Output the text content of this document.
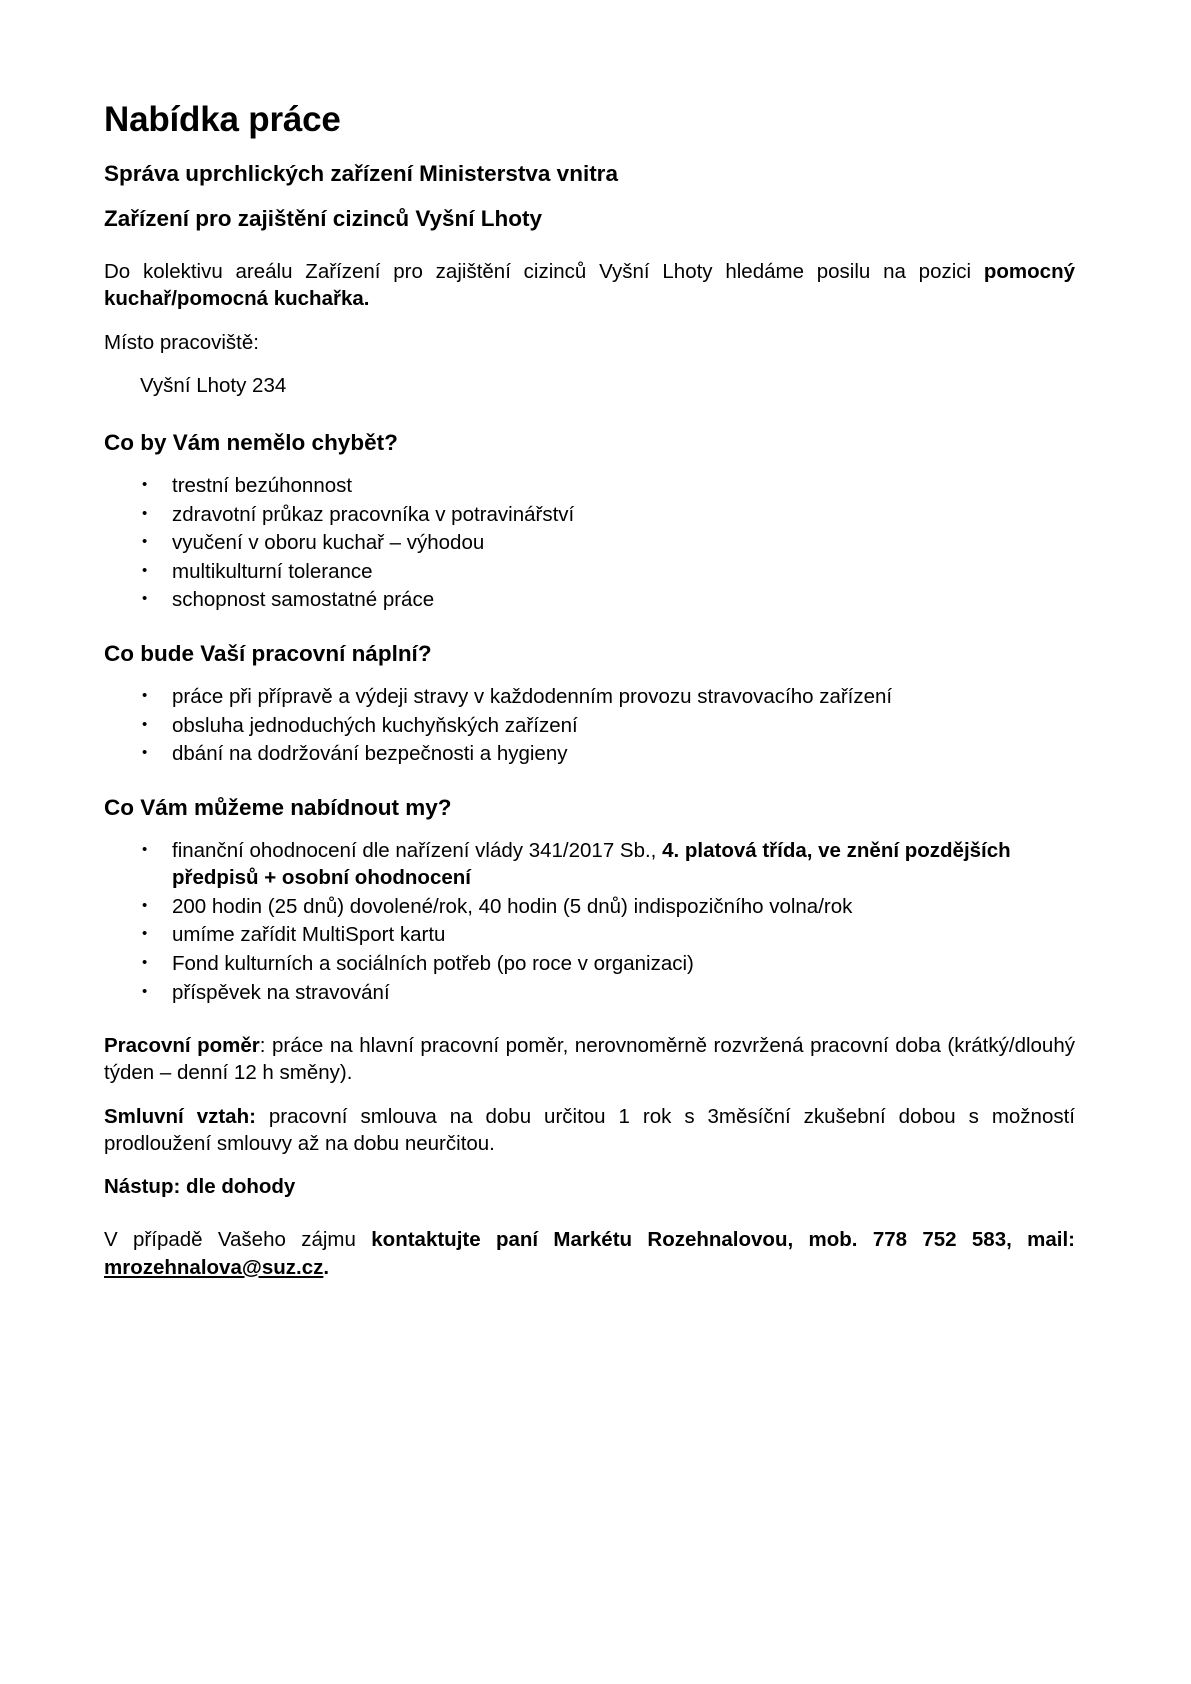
Nabídka práce
Správa uprchlických zařízení Ministerstva vnitra
Zařízení pro zajištění cizinců Vyšní Lhoty

Do kolektivu areálu Zařízení pro zajištění cizinců Vyšní Lhoty hledáme posilu na pozici pomocný kuchař/pomocná kuchařka.

Místo pracoviště:

Vyšní Lhoty 234

Co by Vám nemělo chybět?
• trestní bezúhonnost
• zdravotní průkaz pracovníka v potravinářství
• vyučení v oboru kuchař – výhodou
• multikulturní tolerance
• schopnost samostatné práce
Co bude Vaší pracovní náplní?
• práce při přípravě a výdeji stravy v každodenním provozu stravovacího zařízení
• obsluha jednoduchých kuchyňských zařízení
• dbání na dodržování bezpečnosti a hygieny
Co Vám můžeme nabídnout my?
• finanční ohodnocení dle nařízení vlády 341/2017 Sb., 4. platová třída, ve znění pozdějších předpisů + osobní ohodnocení
• 200 hodin (25 dnů) dovolené/rok, 40 hodin (5 dnů) indispozičního volna/rok
• umíme zařídit MultiSport kartu
• Fond kulturních a sociálních potřeb (po roce v organizaci)
• příspěvek na stravování

Pracovní poměr: práce na hlavní pracovní poměr, nerovnoměrně rozvržená pracovní doba (krátký/dlouhý týden – denní 12 h směny).

Smluvní vztah: pracovní smlouva na dobu určitou 1 rok s 3měsíční zkušební dobou s možností prodloužení smlouvy až na dobu neurčitou.

Nástup: dle dohody

V případě Vašeho zájmu kontaktujte paní Markétu Rozehnalovou, mob. 778 752 583, mail: mrozehnalova@suz.cz.
